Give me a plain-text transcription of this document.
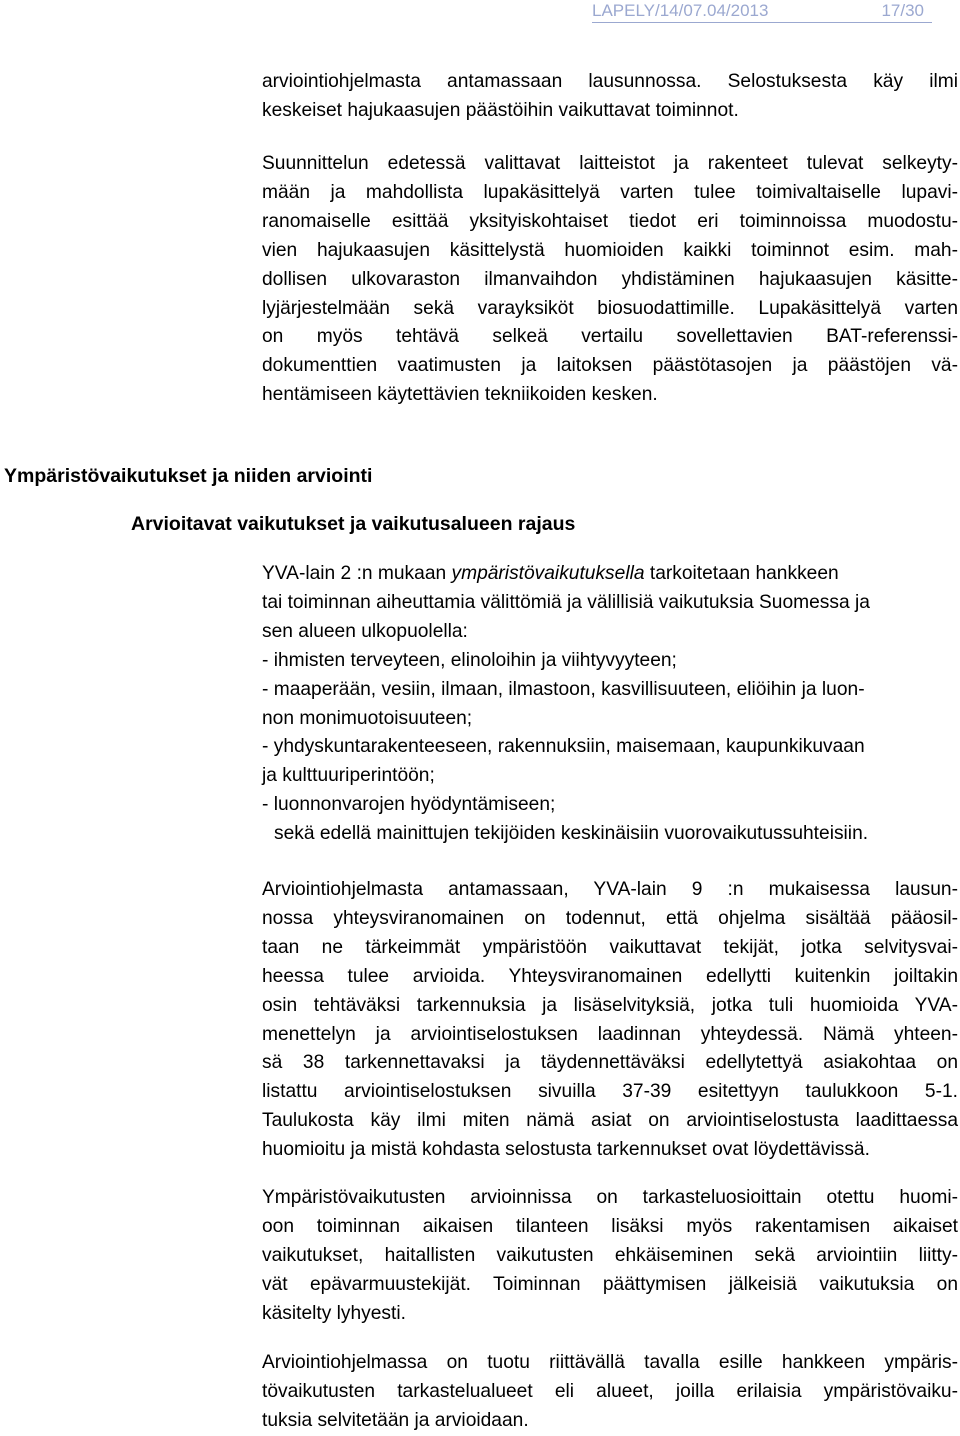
LAPELY/14/07.04/2013	17/30
arviointiohjelmasta antamassaan lausunnossa. Selostuksesta käy ilmi
keskeiset hajukaasujen päästöihin vaikuttavat toiminnot.
Suunnittelun edetessä valittavat laitteistot ja rakenteet tulevat selkeyty-
mään ja mahdollista lupakäsittelyä varten tulee toimivaltaiselle lupavi-
ranomaiselle esittää yksityiskohtaiset tiedot eri toiminnoissa muodostu-
vien hajukaasujen käsittelystä huomioiden kaikki toiminnot esim. mah-
dollisen ulkovaraston ilmanvaihdon yhdistäminen hajukaasujen käsitte-
lyjärjestelmään sekä varayksiköt biosuodattimille. Lupakäsittelyä varten
on myös tehtävä selkeä vertailu sovellettavien BAT-referenssi-
dokumenttien vaatimusten ja laitoksen päästötasojen ja päästöjen vä-
hentämiseen käytettävien tekniikoiden kesken.
Ympäristövaikutukset ja niiden arviointi
Arvioitavat vaikutukset ja vaikutusalueen rajaus
YVA-lain 2 :n mukaan ympäristövaikutuksella tarkoitetaan hankkeen
tai toiminnan aiheuttamia välittömiä ja välillisiä vaikutuksia Suomessa ja
sen alueen ulkopuolella:
- ihmisten terveyteen, elinoloihin ja viihtyvyyteen;
- maaperään, vesiin, ilmaan, ilmastoon, kasvillisuuteen, eliöihin ja luon-
non monimuotoisuuteen;
- yhdyskuntarakenteeseen, rakennuksiin, maisemaan, kaupunkikuvaan
ja kulttuuriperintöön;
- luonnonvarojen hyödyntämiseen;
sekä edellä mainittujen tekijöiden keskinäisiin vuorovaikutussuhteisiin.
Arviointiohjelmasta antamassaan, YVA-lain 9 :n mukaisessa lausun-
nossa yhteysviranomainen on todennut, että ohjelma sisältää pääosil-
taan ne tärkeimmät ympäristöön vaikuttavat tekijät, jotka selvitysvai-
heessa tulee arvioida. Yhteysviranomainen edellytti kuitenkin joiltakin
osin tehtäväksi tarkennuksia ja lisäselvityksiä, jotka tuli huomioida YVA-
menettelyn ja arviointiselostuksen laadinnan yhteydessä. Nämä yhteen-
sä 38 tarkennettavaksi ja täydennettäväksi edellytettyä asiakohtaa on
listattu arviointiselostuksen sivuilla 37-39 esitettyyn taulukkoon 5-1.
Taulukosta käy ilmi miten nämä asiat on arviointiselostusta laadittaessa
huomioitu ja mistä kohdasta selostusta tarkennukset ovat löydettävissä.
Ympäristövaikutusten arvioinnissa on tarkasteluosioittain otettu huomi-
oon toiminnan aikaisen tilanteen lisäksi myös rakentamisen aikaiset
vaikutukset, haitallisten vaikutusten ehkäiseminen sekä arviointiin liitty-
vät epävarmuustekijät. Toiminnan päättymisen jälkeisiä vaikutuksia on
käsitelty lyhyesti.
Arviointiohjelmassa on tuotu riittävällä tavalla esille hankkeen ympäris-
tövaikutusten tarkastelualueet eli alueet, joilla erilaisia ympäristövaiku-
tuksia selvitetään ja arvioidaan.
